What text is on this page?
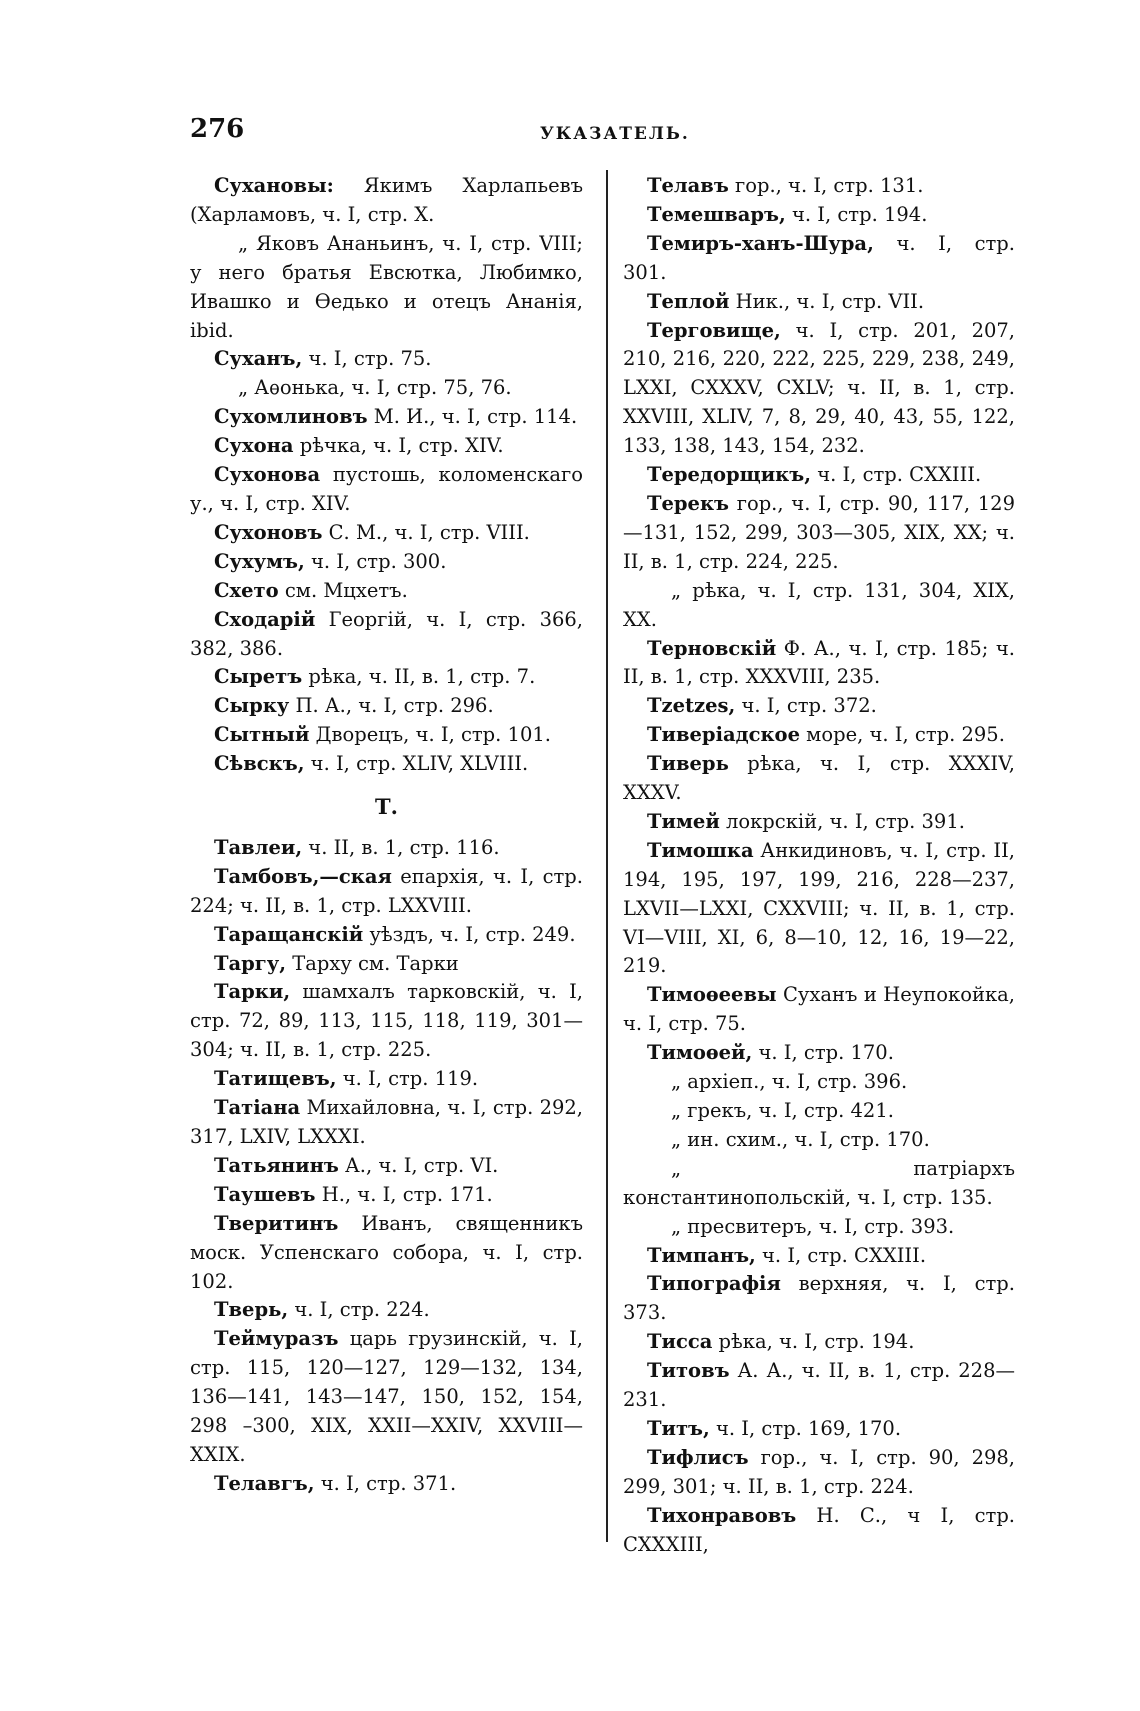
276	УКАЗАТЕЛЬ.

Сухановы: Якимъ Харлапьевъ (Харламовъ, ч. I, стр. X.

„ Яковъ Ананьинъ, ч. I, стр. VIII; у него братья Евсютка, Любимко, Ивашко и Ѳедько и отецъ Ананія, ibid.

Суханъ, ч. I, стр. 75.

„ Аѳонька, ч. I, стр. 75, 76.

Сухомлиновъ М. И., ч. I, стр. 114.

Сухона рѣчка, ч. I, стр. XIV.

Сухонова пустошь, коломенскаго у., ч. I, стр. XIV.

Сухоновъ С. М., ч. I, стр. VIII.

Сухумъ, ч. I, стр. 300.

Схето см. Мцхетъ.

Сходарій Георгій, ч. I, стр. 366, 382, 386.

Сыретъ рѣка, ч. II, в. 1, стр. 7.

Сырку П. А., ч. I, стр. 296.

Сытный Дворецъ, ч. I, стр. 101.

Сѣвскъ, ч. I, стр. XLIV, XLVIII.

Т.

Тавлеи, ч. II, в. 1, стр. 116.

Тамбовъ,—ская епархія, ч. I, стр. 224; ч. II, в. 1, стр. LXXVIII.

Таращанскій уѣздъ, ч. I, стр. 249.

Таргу, Тарху см. Тарки

Тарки, шамхалъ тарковскій, ч. I, стр. 72, 89, 113, 115, 118, 119, 301—304; ч. II, в. 1, стр. 225.

Татищевъ, ч. I, стр. 119.

Татіана Михайловна, ч. I, стр. 292, 317, LXIV, LXXXI.

Татьянинъ А., ч. I, стр. VI.

Таушевъ Н., ч. I, стр. 171.

Тверитинъ Иванъ, священникъ моск. Успенскаго собора, ч. I, стр. 102.

Тверь, ч. I, стр. 224.

Теймуразъ царь грузинскій, ч. I, стр. 115, 120—127, 129—132, 134, 136—141, 143—147, 150, 152, 154, 298 –300, XIX, XXII—XXIV, XXVIII—XXIX.

Телавгъ, ч. I, стр. 371.

Телавъ гор., ч. I, стр. 131.

Темешваръ, ч. I, стр. 194.

Темиръ-ханъ-Шура, ч. I, стр. 301.

Теплой Ник., ч. I, стр. VII.

Терговище, ч. I, стр. 201, 207, 210, 216, 220, 222, 225, 229, 238, 249, LXXI, CXXXV, CXLV; ч. II, в. 1, стр. XXVIII, XLIV, 7, 8, 29, 40, 43, 55, 122, 133, 138, 143, 154, 232.

Тередорщикъ, ч. I, стр. CXXIII.

Терекъ гор., ч. I, стр. 90, 117, 129—131, 152, 299, 303—305, XIX, XX; ч. II, в. 1, стр. 224, 225.

„ рѣка, ч. I, стр. 131, 304, XIX, XX.

Терновскій Ф. А., ч. I, стр. 185; ч. II, в. 1, стр. XXXVIII, 235.

Tzetzes, ч. I, стр. 372.

Тиверіадское море, ч. I, стр. 295.

Тиверь рѣка, ч. I, стр. XXXIV, XXXV.

Тимей локрскій, ч. I, стр. 391.

Тимошка Анкидиновъ, ч. I, стр. II, 194, 195, 197, 199, 216, 228—237, LXVII—LXXI, CXXVIII; ч. II, в. 1, стр. VI—VIII, XI, 6, 8—10, 12, 16, 19—22, 219.

Тимоѳеевы Суханъ и Неупокойка, ч. I, стр. 75.

Тимоѳей, ч. I, стр. 170.

„ архіеп., ч. I, стр. 396.

„ грекъ, ч. I, стр. 421.

„ ин. схим., ч. I, стр. 170.

„ патріархъ константинопольскій, ч. I, стр. 135.

„ пресвитеръ, ч. I, стр. 393.

Тимпанъ, ч. I, стр. CXXIII.

Типографія верхняя, ч. I, стр. 373.

Тисса рѣка, ч. I, стр. 194.

Титовъ А. А., ч. II, в. 1, стр. 228—231.

Титъ, ч. I, стр. 169, 170.

Тифлисъ гор., ч. I, стр. 90, 298, 299, 301; ч. II, в. 1, стр. 224.

Тихонравовъ Н. С., ч I, стр. CXXXIII,
